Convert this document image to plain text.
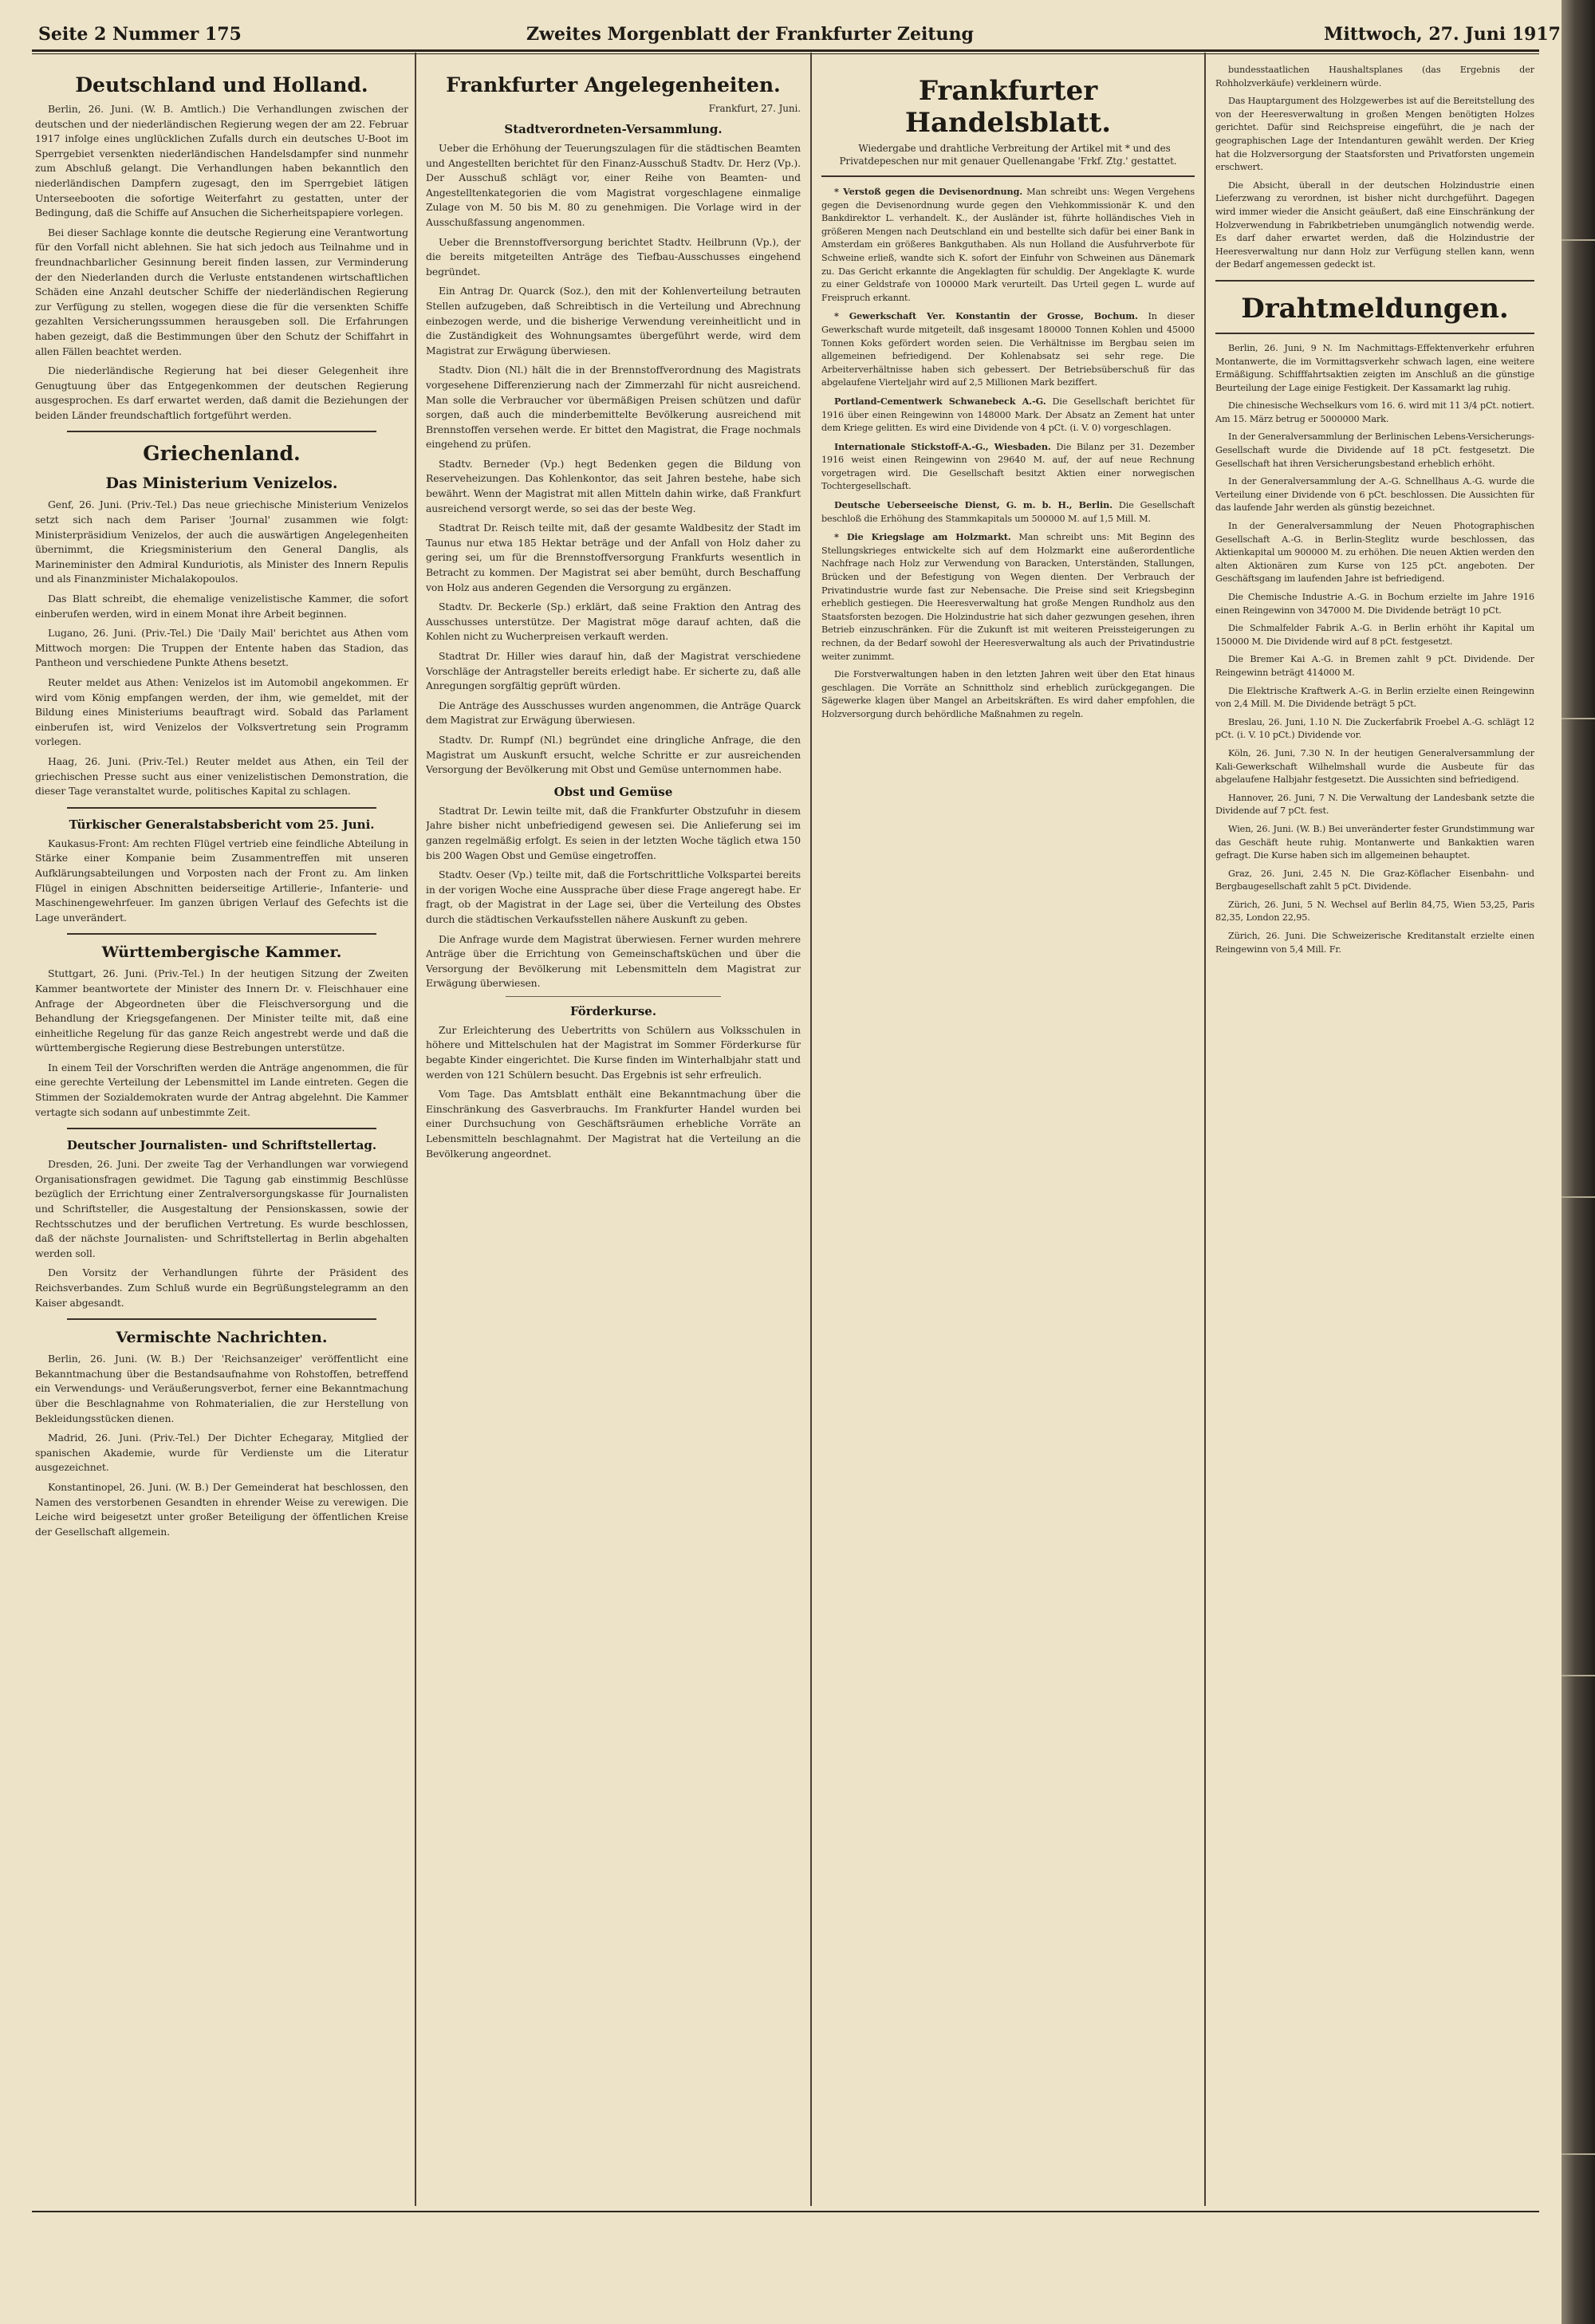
Seite 2 Nummer 175	Zweites Morgenblatt der Frankfurter Zeitung	Mittwoch, 27. Juni 1917
Deutschland und Holland.

Berlin, 26. Juni. (W. B. Amtlich.) Die Verhandlungen zwischen der deutschen und der niederländischen Regierung wegen der am 22. Februar 1917 infolge eines unglücklichen Zufalls durch ein deutsches U-Boot im Sperrgebiet versenkten niederländischen Handelsdampfer sind nunmehr zum Abschluß gelangt. Die Verhandlungen haben bekanntlich den niederländischen Dampfern zugesagt, den im Sperrgebiet lätigen Unterseebooten die sofortige Weiterfahrt zu gestatten, unter der Bedingung, daß die Schiffe auf Ansuchen die Sicherheitspapiere vorlegen.

Bei dieser Sachlage konnte die deutsche Regierung eine Verantwortung für den Vorfall nicht ablehnen. Sie hat sich jedoch aus Teilnahme und in freundnachbarlicher Gesinnung bereit finden lassen, zur Verminderung der den Niederlanden durch die Verluste entstandenen wirtschaftlichen Schäden eine Anzahl deutscher Schiffe der niederländischen Regierung zur Verfügung zu stellen, wogegen diese die für die versenkten Schiffe gezahlten Versicherungssummen herausgeben soll. Die Erfahrungen haben gezeigt, daß die Bestimmungen über den Schutz der Schiffahrt in allen Fällen beachtet werden.

Die niederländische Regierung hat bei dieser Gelegenheit ihre Genugtuung über das Entgegenkommen der deutschen Regierung ausgesprochen. Es darf erwartet werden, daß damit die Beziehungen der beiden Länder freundschaftlich fortgeführt werden.

Griechenland.
Das Ministerium Venizelos.

Genf, 26. Juni. (Priv.-Tel.) Das neue griechische Ministerium Venizelos setzt sich nach dem Pariser 'Journal' zusammen wie folgt: Ministerpräsidium Venizelos, der auch die auswärtigen Angelegenheiten übernimmt, die Kriegsministerium den General Danglis, als Marineminister den Admiral Kunduriotis, als Minister des Innern Repulis und als Finanzminister Michalakopoulos.

Das Blatt schreibt, die ehemalige venizelistische Kammer, die sofort einberufen werden, wird in einem Monat ihre Arbeit beginnen.

Lugano, 26. Juni. (Priv.-Tel.) Die 'Daily Mail' berichtet aus Athen vom Mittwoch morgen: Die Truppen der Entente haben das Stadion, das Pantheon und verschiedene Punkte Athens besetzt.

Reuter meldet aus Athen: Venizelos ist im Automobil angekommen. Er wird vom König empfangen werden, der ihm, wie gemeldet, mit der Bildung eines Ministeriums beauftragt wird. Sobald das Parlament einberufen ist, wird Venizelos der Volksvertretung sein Programm vorlegen.

Haag, 26. Juni. (Priv.-Tel.) Reuter meldet aus Athen, ein Teil der griechischen Presse sucht aus einer venizelistischen Demonstration, die dieser Tage veranstaltet wurde, politisches Kapital zu schlagen.

Türkischer Generalstabsbericht vom 25. Juni.

Kaukasus-Front: Am rechten Flügel vertrieb eine feindliche Abteilung in Stärke einer Kompanie beim Zusammentreffen mit unseren Aufklärungsabteilungen und Vorposten nach der Front zu. Am linken Flügel in einigen Abschnitten beiderseitige Artillerie-, Infanterie- und Maschinengewehrfeuer. Im ganzen übrigen Verlauf des Gefechts ist die Lage unverändert.

Württembergische Kammer.

Stuttgart, 26. Juni. (Priv.-Tel.) In der heutigen Sitzung der Zweiten Kammer beantwortete der Minister des Innern Dr. v. Fleischhauer eine Anfrage der Abgeordneten über die Fleischversorgung und die Behandlung der Kriegsgefangenen. Der Minister teilte mit, daß eine einheitliche Regelung für das ganze Reich angestrebt werde und daß die württembergische Regierung diese Bestrebungen unterstütze.

In einem Teil der Vorschriften werden die Anträge angenommen, die für eine gerechte Verteilung der Lebensmittel im Lande eintreten. Gegen die Stimmen der Sozialdemokraten wurde der Antrag abgelehnt. Die Kammer vertagte sich sodann auf unbestimmte Zeit.

Deutscher Journalisten- und Schriftstellertag.

Dresden, 26. Juni. Der zweite Tag der Verhandlungen war vorwiegend Organisationsfragen gewidmet. Die Tagung gab einstimmig Beschlüsse bezüglich der Errichtung einer Zentralversorgungskasse für Journalisten und Schriftsteller, die Ausgestaltung der Pensionskassen, sowie der Rechtsschutzes und der beruflichen Vertretung. Es wurde beschlossen, daß der nächste Journalisten- und Schriftstellertag in Berlin abgehalten werden soll.

Den Vorsitz der Verhandlungen führte der Präsident des Reichsverbandes. Zum Schluß wurde ein Begrüßungstelegramm an den Kaiser abgesandt.

Vermischte Nachrichten.

Berlin, 26. Juni. (W. B.) Der 'Reichsanzeiger' veröffentlicht eine Bekanntmachung über die Bestandsaufnahme von Rohstoffen, betreffend ein Verwendungs- und Veräußerungsverbot, ferner eine Bekanntmachung über die Beschlagnahme von Rohmaterialien, die zur Herstellung von Bekleidungsstücken dienen.

Madrid, 26. Juni. (Priv.-Tel.) Der Dichter Echegaray, Mitglied der spanischen Akademie, wurde für Verdienste um die Literatur ausgezeichnet.

Konstantinopel, 26. Juni. (W. B.) Der Gemeinderat hat beschlossen, den Namen des verstorbenen Gesandten in ehrender Weise zu verewigen. Die Leiche wird beigesetzt unter großer Beteiligung der öffentlichen Kreise der Gesellschaft allgemein.

Frankfurter Angelegenheiten.

Frankfurt, 27. Juni.

Stadtverordneten-Versammlung.

Ueber die Erhöhung der Teuerungszulagen für die städtischen Beamten und Angestellten berichtet für den Finanz-Ausschuß Stadtv. Dr. Herz (Vp.). Der Ausschuß schlägt vor, einer Reihe von Beamten- und Angestelltenkategorien die vom Magistrat vorgeschlagene einmalige Zulage von M. 50 bis M. 80 zu genehmigen. Die Vorlage wird in der Ausschußfassung angenommen.

Ueber die Brennstoffversorgung berichtet Stadtv. Heilbrunn (Vp.), der die bereits mitgeteilten Anträge des Tiefbau-Ausschusses eingehend begründet.

Ein Antrag Dr. Quarck (Soz.), den mit der Kohlenverteilung betrauten Stellen aufzugeben, daß Schreibtisch in die Verteilung und Abrechnung einbezogen werde, und die bisherige Verwendung vereinheitlicht und in die Zuständigkeit des Wohnungsamtes übergeführt werde, wird dem Magistrat zur Erwägung überwiesen.

Stadtv. Dion (Nl.) hält die in der Brennstoffverordnung des Magistrats vorgesehene Differenzierung nach der Zimmerzahl für nicht ausreichend. Man solle die Verbraucher vor übermäßigen Preisen schützen und dafür sorgen, daß auch die minderbemittelte Bevölkerung ausreichend mit Brennstoffen versehen werde. Er bittet den Magistrat, die Frage nochmals eingehend zu prüfen.

Stadtv. Berneder (Vp.) hegt Bedenken gegen die Bildung von Reserveheizungen. Das Kohlenkontor, das seit Jahren bestehe, habe sich bewährt. Wenn der Magistrat mit allen Mitteln dahin wirke, daß Frankfurt ausreichend versorgt werde, so sei das der beste Weg.

Stadtrat Dr. Reisch teilte mit, daß der gesamte Waldbesitz der Stadt im Taunus nur etwa 185 Hektar beträge und der Anfall von Holz daher zu gering sei, um für die Brennstoffversorgung Frankfurts wesentlich in Betracht zu kommen. Der Magistrat sei aber bemüht, durch Beschaffung von Holz aus anderen Gegenden die Versorgung zu ergänzen.

Stadtv. Dr. Beckerle (Sp.) erklärt, daß seine Fraktion den Antrag des Ausschusses unterstütze. Der Magistrat möge darauf achten, daß die Kohlen nicht zu Wucherpreisen verkauft werden.

Stadtrat Dr. Hiller wies darauf hin, daß der Magistrat verschiedene Vorschläge der Antragsteller bereits erledigt habe. Er sicherte zu, daß alle Anregungen sorgfältig geprüft würden.

Die Anträge des Ausschusses wurden angenommen, die Anträge Quarck dem Magistrat zur Erwägung überwiesen.

Stadtv. Dr. Rumpf (Nl.) begründet eine dringliche Anfrage, die den Magistrat um Auskunft ersucht, welche Schritte er zur ausreichenden Versorgung der Bevölkerung mit Obst und Gemüse unternommen habe.

Obst und Gemüse

Stadtrat Dr. Lewin teilte mit, daß die Frankfurter Obstzufuhr in diesem Jahre bisher nicht unbefriedigend gewesen sei. Die Anlieferung sei im ganzen regelmäßig erfolgt. Es seien in der letzten Woche täglich etwa 150 bis 200 Wagen Obst und Gemüse eingetroffen.

Stadtv. Oeser (Vp.) teilte mit, daß die Fortschrittliche Volkspartei bereits in der vorigen Woche eine Aussprache über diese Frage angeregt habe. Er fragt, ob der Magistrat in der Lage sei, über die Verteilung des Obstes durch die städtischen Verkaufsstellen nähere Auskunft zu geben.

Die Anfrage wurde dem Magistrat überwiesen. Ferner wurden mehrere Anträge über die Errichtung von Gemeinschaftsküchen und über die Versorgung der Bevölkerung mit Lebensmitteln dem Magistrat zur Erwägung überwiesen.

Förderkurse.

Zur Erleichterung des Uebertritts von Schülern aus Volksschulen in höhere und Mittelschulen hat der Magistrat im Sommer Förderkurse für begabte Kinder eingerichtet. Die Kurse finden im Winterhalbjahr statt und werden von 121 Schülern besucht. Das Ergebnis ist sehr erfreulich.

Vom Tage. Das Amtsblatt enthält eine Bekanntmachung über die Einschränkung des Gasverbrauchs. Im Frankfurter Handel wurden bei einer Durchsuchung von Geschäftsräumen erhebliche Vorräte an Lebensmitteln beschlagnahmt. Der Magistrat hat die Verteilung an die Bevölkerung angeordnet.

Frankfurter Handelsblatt.

Wiedergabe und drahtliche Verbreitung der Artikel mit * und des Privatdepeschen nur mit genauer Quellenangabe 'Frkf. Ztg.' gestattet.

* Verstoß gegen die Devisenordnung. Man schreibt uns: Wegen Vergehens gegen die Devisenordnung wurde gegen den Viehkommissionär K. und den Bankdirektor L. verhandelt. K., der Ausländer ist, führte holländisches Vieh in größeren Mengen nach Deutschland ein und bestellte sich dafür bei einer Bank in Amsterdam ein größeres Bankguthaben. Als nun Holland die Ausfuhrverbote für Schweine erließ, wandte sich K. sofort der Einfuhr von Schweinen aus Dänemark zu. Das Gericht erkannte die Angeklagten für schuldig. Der Angeklagte K. wurde zu einer Geldstrafe von 100000 Mark verurteilt. Das Urteil gegen L. wurde auf Freispruch erkannt.

* Gewerkschaft Ver. Konstantin der Grosse, Bochum. In dieser Gewerkschaft wurde mitgeteilt, daß insgesamt 180000 Tonnen Kohlen und 45000 Tonnen Koks gefördert worden seien. Die Verhältnisse im Bergbau seien im allgemeinen befriedigend. Der Kohlenabsatz sei sehr rege. Die Arbeiterverhältnisse haben sich gebessert. Der Betriebsüberschuß für das abgelaufene Vierteljahr wird auf 2,5 Millionen Mark beziffert.

Portland-Cementwerk Schwanebeck A.-G. Die Gesellschaft berichtet für 1916 über einen Reingewinn von 148000 Mark. Der Absatz an Zement hat unter dem Kriege gelitten. Es wird eine Dividende von 4 pCt. (i. V. 0) vorgeschlagen.

Internationale Stickstoff-A.-G., Wiesbaden. Die Bilanz per 31. Dezember 1916 weist einen Reingewinn von 29640 M. auf, der auf neue Rechnung vorgetragen wird. Die Gesellschaft besitzt Aktien einer norwegischen Tochtergesellschaft.

Deutsche Ueberseeische Dienst, G. m. b. H., Berlin. Die Gesellschaft beschloß die Erhöhung des Stammkapitals um 500000 M. auf 1,5 Mill. M.

* Die Kriegslage am Holzmarkt. Man schreibt uns: Mit Beginn des Stellungskrieges entwickelte sich auf dem Holzmarkt eine außerordentliche Nachfrage nach Holz zur Verwendung von Baracken, Unterständen, Stallungen, Brücken und der Befestigung von Wegen dienten. Der Verbrauch der Privatindustrie wurde fast zur Nebensache. Die Preise sind seit Kriegsbeginn erheblich gestiegen. Die Heeresverwaltung hat große Mengen Rundholz aus den Staatsforsten bezogen. Die Holzindustrie hat sich daher gezwungen gesehen, ihren Betrieb einzuschränken. Für die Zukunft ist mit weiteren Preissteigerungen zu rechnen, da der Bedarf sowohl der Heeresverwaltung als auch der Privatindustrie weiter zunimmt.

Die Forstverwaltungen haben in den letzten Jahren weit über den Etat hinaus geschlagen. Die Vorräte an Schnittholz sind erheblich zurückgegangen. Die Sägewerke klagen über Mangel an Arbeitskräften. Es wird daher empfohlen, die Holzversorgung durch behördliche Maßnahmen zu regeln.

bundesstaatlichen Haushaltsplanes (das Ergebnis der Rohholzverkäufe) verkleinern würde.

Das Hauptargument des Holzgewerbes ist auf die Bereitstellung des von der Heeresverwaltung in großen Mengen benötigten Holzes gerichtet. Dafür sind Reichspreise eingeführt, die je nach der geographischen Lage der Intendanturen gewählt werden. Der Krieg hat die Holzversorgung der Staatsforsten und Privatforsten ungemein erschwert.

Die Absicht, überall in der deutschen Holzindustrie einen Lieferzwang zu verordnen, ist bisher nicht durchgeführt. Dagegen wird immer wieder die Ansicht geäußert, daß eine Einschränkung der Holzverwendung in Fabrikbetrieben unumgänglich notwendig werde. Es darf daher erwartet werden, daß die Holzindustrie der Heeresverwaltung nur dann Holz zur Verfügung stellen kann, wenn der Bedarf angemessen gedeckt ist.

Drahtmeldungen.

Berlin, 26. Juni, 9 N. Im Nachmittags-Effektenverkehr erfuhren Montanwerte, die im Vormittagsverkehr schwach lagen, eine weitere Ermäßigung. Schifffahrtsaktien zeigten im Anschluß an die günstige Beurteilung der Lage einige Festigkeit. Der Kassamarkt lag ruhig.

Die chinesische Wechselkurs vom 16. 6. wird mit 11 3/4 pCt. notiert. Am 15. März betrug er 5000000 Mark.

In der Generalversammlung der Berlinischen Lebens-Versicherungs-Gesellschaft wurde die Dividende auf 18 pCt. festgesetzt. Die Gesellschaft hat ihren Versicherungsbestand erheblich erhöht.

In der Generalversammlung der A.-G. Schnellhaus A.-G. wurde die Verteilung einer Dividende von 6 pCt. beschlossen. Die Aussichten für das laufende Jahr werden als günstig bezeichnet.

In der Generalversammlung der Neuen Photographischen Gesellschaft A.-G. in Berlin-Steglitz wurde beschlossen, das Aktienkapital um 900000 M. zu erhöhen. Die neuen Aktien werden den alten Aktionären zum Kurse von 125 pCt. angeboten. Der Geschäftsgang im laufenden Jahre ist befriedigend.

Die Chemische Industrie A.-G. in Bochum erzielte im Jahre 1916 einen Reingewinn von 347000 M. Die Dividende beträgt 10 pCt.

Die Schmalfelder Fabrik A.-G. in Berlin erhöht ihr Kapital um 150000 M. Die Dividende wird auf 8 pCt. festgesetzt.

Die Bremer Kai A.-G. in Bremen zahlt 9 pCt. Dividende. Der Reingewinn beträgt 414000 M.

Die Elektrische Kraftwerk A.-G. in Berlin erzielte einen Reingewinn von 2,4 Mill. M. Die Dividende beträgt 5 pCt.

Breslau, 26. Juni, 1.10 N. Die Zuckerfabrik Froebel A.-G. schlägt 12 pCt. (i. V. 10 pCt.) Dividende vor.

Köln, 26. Juni, 7.30 N. In der heutigen Generalversammlung der Kali-Gewerkschaft Wilhelmshall wurde die Ausbeute für das abgelaufene Halbjahr festgesetzt. Die Aussichten sind befriedigend.

Hannover, 26. Juni, 7 N. Die Verwaltung der Landesbank setzte die Dividende auf 7 pCt. fest.

Wien, 26. Juni. (W. B.) Bei unveränderter fester Grundstimmung war das Geschäft heute ruhig. Montanwerte und Bankaktien waren gefragt. Die Kurse haben sich im allgemeinen behauptet.

Graz, 26. Juni, 2.45 N. Die Graz-Köflacher Eisenbahn- und Bergbaugesellschaft zahlt 5 pCt. Dividende.

Zürich, 26. Juni, 5 N. Wechsel auf Berlin 84,75, Wien 53,25, Paris 82,35, London 22,95.

Zürich, 26. Juni. Die Schweizerische Kreditanstalt erzielte einen Reingewinn von 5,4 Mill. Fr.
